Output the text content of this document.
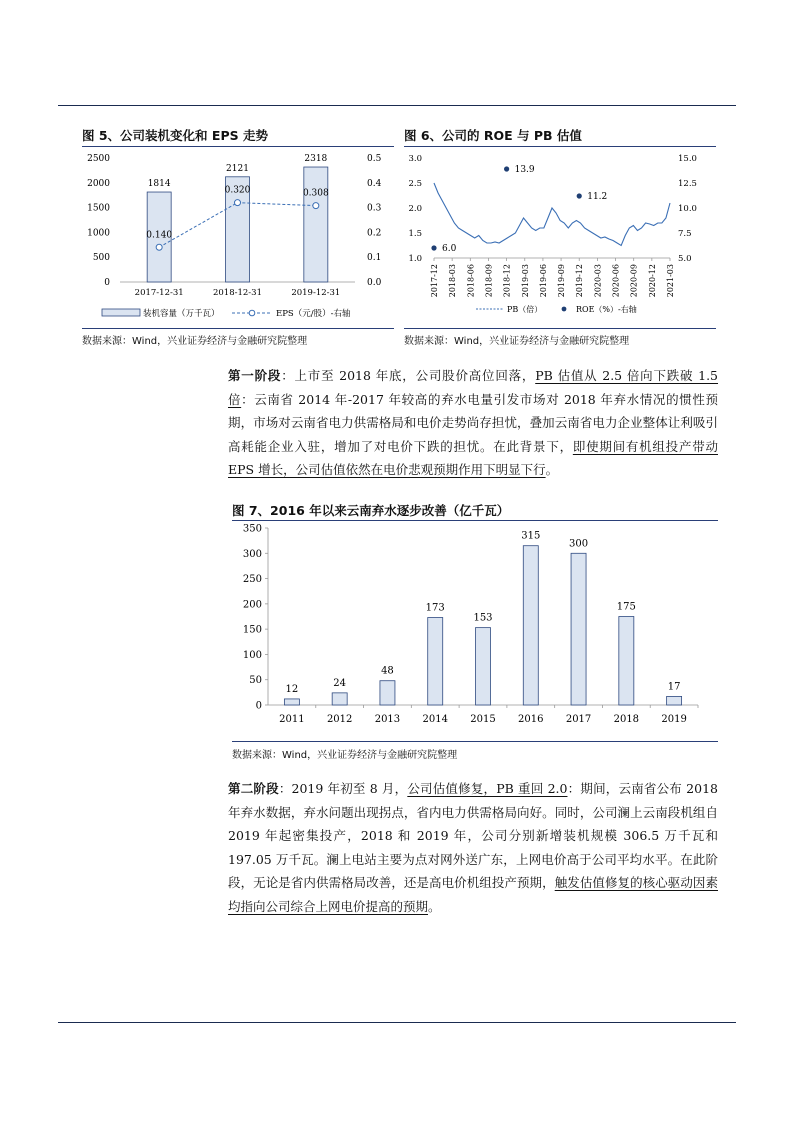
图 5、公司装机变化和 EPS 走势
0
500
1000
1500
2000
2500
0.0
0.1
0.2
0.3
0.4
0.5
1814
2017-12-31
2121
2018-12-31
2318
2019-12-31
0.140
0.320	0.308
装机容量（万千瓦）	EPS（元/股）-右轴
数据来源：Wind，兴业证券经济与金融研究院整理
图 6、公司的 ROE 与 PB 估值
1.0
1.5
2.0
2.5
3.0
5.0
7.5
10.0
12.5
15.0
2017-12 2018-03 2018-06 2018-09 2018-12 2019-03 2019-06 2019-09 2019-12 2020-03 2020-06 2020-09 2020-12 2021-03
6.0
13.9
11.2
PB（倍）	ROE（%）-右轴
数据来源：Wind，兴业证券经济与金融研究院整理
第一阶段：上市至 2018 年底，公司股价高位回落，PB 估值从 2.5 倍向下跌破 1.5 倍：云南省 2014 年-2017 年较高的弃水电量引发市场对 2018 年弃水情况的惯性预期，市场对云南省电力供需格局和电价走势尚存担忧，叠加云南省电力企业整体让利吸引高耗能企业入驻，增加了对电价下跌的担忧。在此背景下，即使期间有机组投产带动 EPS 增长，公司估值依然在电价悲观预期作用下明显下行。
图 7、2016 年以来云南弃水逐步改善（亿千瓦）
0
50
100
150
200
250
300
350
12
2011
24
2012
48
2013
173
2014
153
2015
315
2016
300
2017
175
2018
17
2019
数据来源：Wind，兴业证券经济与金融研究院整理
第二阶段：2019 年初至 8 月，公司估值修复，PB 重回 2.0：期间，云南省公布 2018 年弃水数据，弃水问题出现拐点，省内电力供需格局向好。同时，公司澜上云南段机组自 2019 年起密集投产，2018 和 2019 年，公司分别新增装机规模 306.5 万千瓦和 197.05 万千瓦。澜上电站主要为点对网外送广东，上网电价高于公司平均水平。在此阶段，无论是省内供需格局改善，还是高电价机组投产预期，触发估值修复的核心驱动因素均指向公司综合上网电价提高的预期。
